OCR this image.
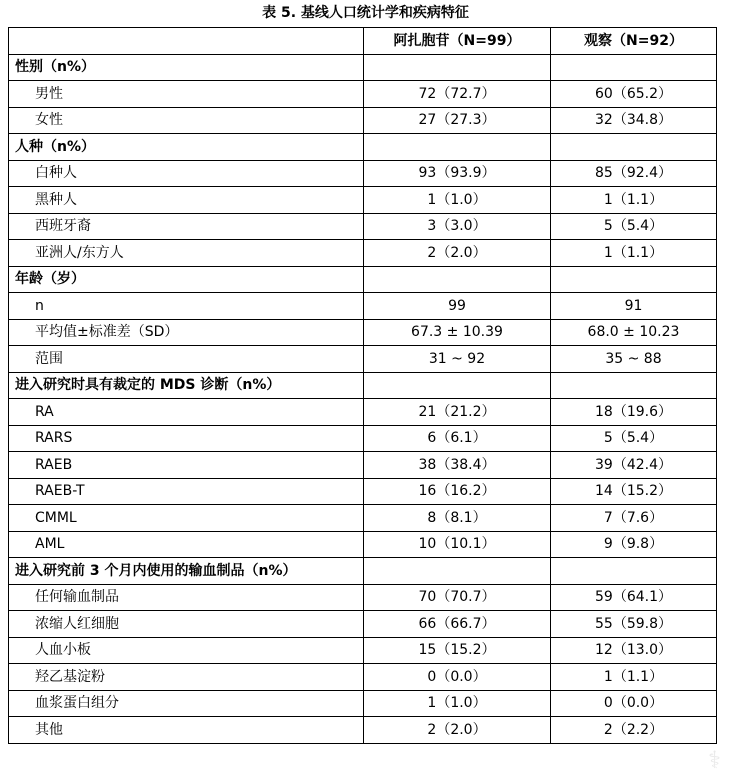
表 5. 基线人口统计学和疾病特征
	阿扎胞苷（N=99）	观察（N=92）
性别（n%）		
男性	72（72.7）	60（65.2）
女性	27（27.3）	32（34.8）
人种（n%）		
白种人	93（93.9）	85（92.4）
黑种人	1（1.0）	1（1.1）
西班牙裔	3（3.0）	5（5.4）
亚洲人/东方人	2（2.0）	1（1.1）
年龄（岁）		
n	99	91
平均值±标准差（SD）	67.3 ± 10.39	68.0 ± 10.23
范围	31 ~ 92	35 ~ 88
进入研究时具有裁定的 MDS 诊断（n%）		
RA	21（21.2）	18（19.6）
RARS	6（6.1）	5（5.4）
RAEB	38（38.4）	39（42.4）
RAEB-T	16（16.2）	14（15.2）
CMML	8（8.1）	7（7.6）
AML	10（10.1）	9（9.8）
进入研究前 3 个月内使用的输血制品（n%）		
任何输血制品	70（70.7）	59（64.1）
浓缩人红细胞	66（66.7）	55（59.8）
人血小板	15（15.2）	12（13.0）
羟乙基淀粉	0（0.0）	1（1.1）
血浆蛋白组分	1（1.0）	0（0.0）
其他	2（2.0）	2（2.2）
⚕
